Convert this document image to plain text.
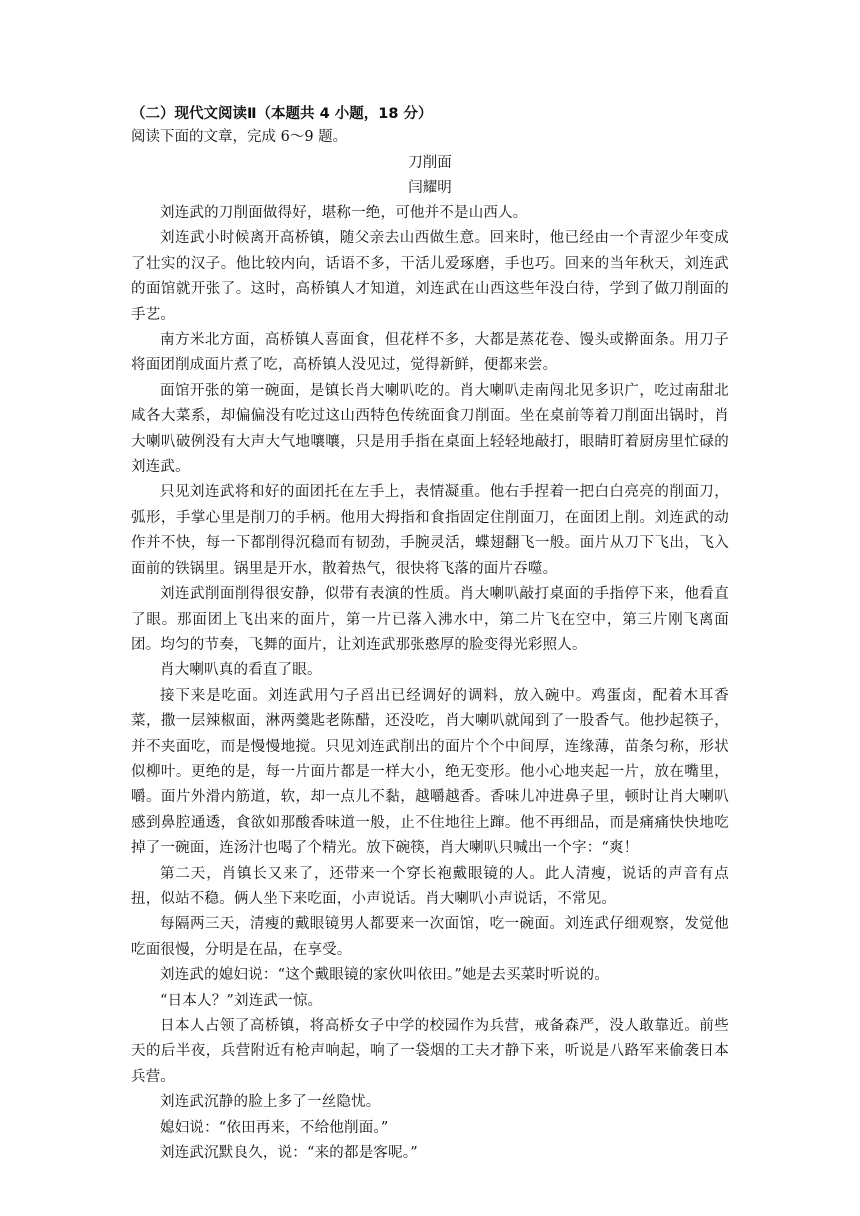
（二）现代文阅读Ⅱ（本题共 4 小题，18 分）

阅读下面的文章，完成 6～9 题。

刀削面

闫耀明

刘连武的刀削面做得好，堪称一绝，可他并不是山西人。

刘连武小时候离开高桥镇，随父亲去山西做生意。回来时，他已经由一个青涩少年变成了壮实的汉子。他比较内向，话语不多，干活儿爱琢磨，手也巧。回来的当年秋天，刘连武的面馆就开张了。这时，高桥镇人才知道，刘连武在山西这些年没白待，学到了做刀削面的手艺。

南方米北方面，高桥镇人喜面食，但花样不多，大都是蒸花卷、馒头或擀面条。用刀子将面团削成面片煮了吃，高桥镇人没见过，觉得新鲜，便都来尝。

面馆开张的第一碗面，是镇长肖大喇叭吃的。肖大喇叭走南闯北见多识广，吃过南甜北咸各大菜系，却偏偏没有吃过这山西特色传统面食刀削面。坐在桌前等着刀削面出锅时，肖大喇叭破例没有大声大气地嚷嚷，只是用手指在桌面上轻轻地敲打，眼睛盯着厨房里忙碌的刘连武。

只见刘连武将和好的面团托在左手上，表情凝重。他右手捏着一把白白亮亮的削面刀，弧形，手掌心里是削刀的手柄。他用大拇指和食指固定住削面刀，在面团上削。刘连武的动作并不快，每一下都削得沉稳而有韧劲，手腕灵活，蝶翅翻飞一般。面片从刀下飞出，飞入面前的铁锅里。锅里是开水，散着热气，很快将飞落的面片吞噬。

刘连武削面削得很安静，似带有表演的性质。肖大喇叭敲打桌面的手指停下来，他看直了眼。那面团上飞出来的面片，第一片已落入沸水中，第二片飞在空中，第三片刚飞离面团。均匀的节奏，飞舞的面片，让刘连武那张憨厚的脸变得光彩照人。

肖大喇叭真的看直了眼。

接下来是吃面。刘连武用勺子舀出已经调好的调料，放入碗中。鸡蛋卤，配着木耳香菜，撒一层辣椒面，淋两羹匙老陈醋，还没吃，肖大喇叭就闻到了一股香气。他抄起筷子，并不夹面吃，而是慢慢地搅。只见刘连武削出的面片个个中间厚，连缘薄，苗条匀称，形状似柳叶。更绝的是，每一片面片都是一样大小，绝无变形。他小心地夹起一片，放在嘴里，嚼。面片外滑内筋道，软，却一点儿不黏，越嚼越香。香味儿冲进鼻子里，顿时让肖大喇叭感到鼻腔通透，食欲如那酸香味道一般，止不住地往上蹿。他不再细品，而是痛痛快快地吃掉了一碗面，连汤汁也喝了个精光。放下碗筷，肖大喇叭只喊出一个字：“爽！

第二天，肖镇长又来了，还带来一个穿长袍戴眼镜的人。此人清瘦，说话的声音有点扭，似站不稳。俩人坐下来吃面，小声说话。肖大喇叭小声说话，不常见。

每隔两三天，清瘦的戴眼镜男人都要来一次面馆，吃一碗面。刘连武仔细观察，发觉他吃面很慢，分明是在品，在享受。

刘连武的媳妇说：“这个戴眼镜的家伙叫依田。”她是去买菜时听说的。

“日本人？”刘连武一惊。

日本人占领了高桥镇，将高桥女子中学的校园作为兵营，戒备森严，没人敢靠近。前些天的后半夜，兵营附近有枪声响起，响了一袋烟的工夫才静下来，听说是八路军来偷袭日本兵营。

刘连武沉静的脸上多了一丝隐忧。

媳妇说：“依田再来，不给他削面。”

刘连武沉默良久，说：“来的都是客呢。”
